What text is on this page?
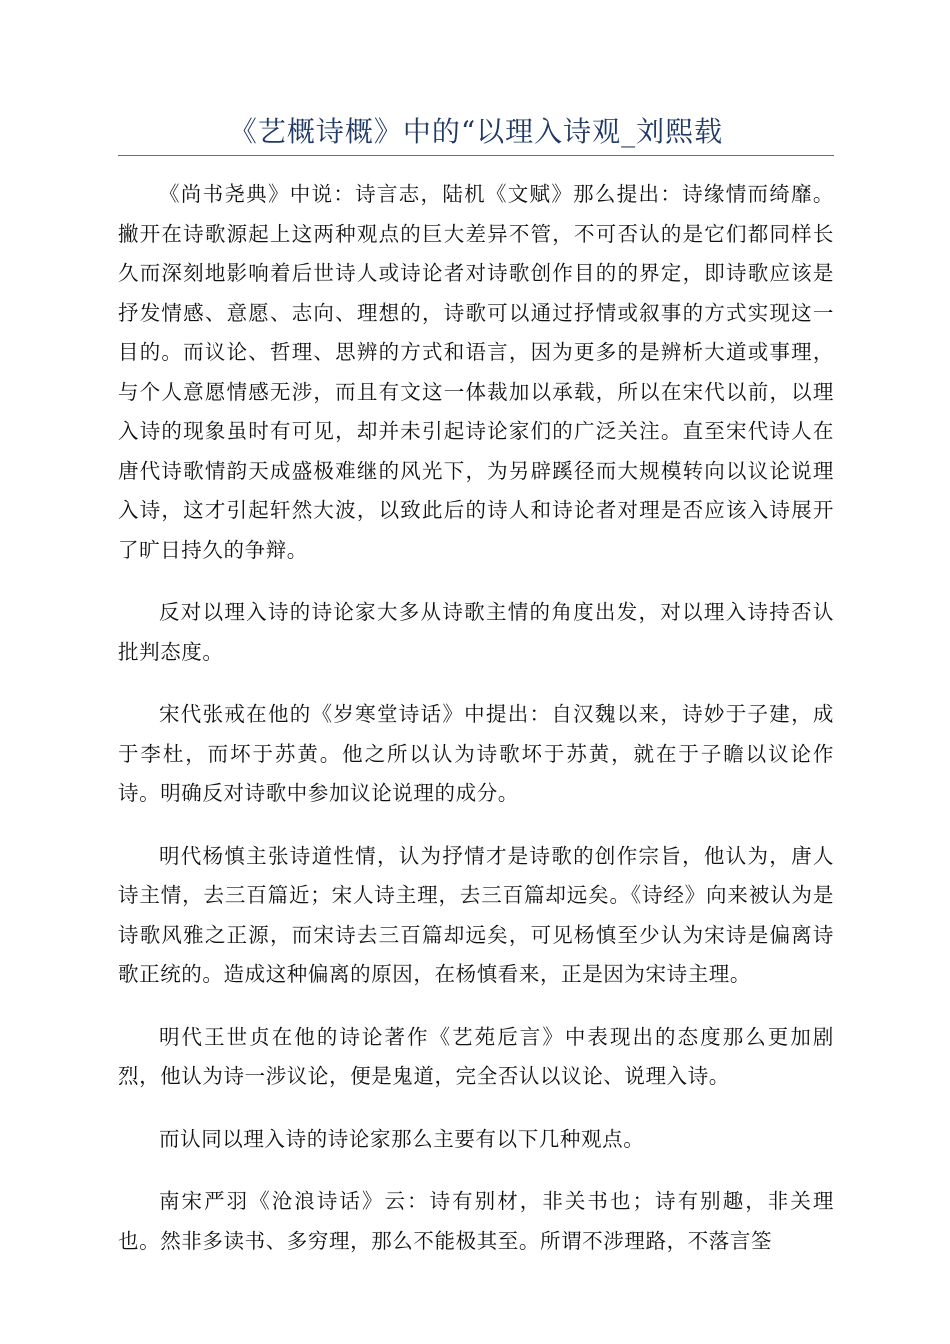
《艺概诗概》中的“以理入诗观_刘熙载

《尚书尧典》中说：诗言志，陆机《文赋》那么提出：诗缘情而绮靡。撇开在诗歌源起上这两种观点的巨大差异不管，不可否认的是它们都同样长久而深刻地影响着后世诗人或诗论者对诗歌创作目的的界定，即诗歌应该是抒发情感、意愿、志向、理想的，诗歌可以通过抒情或叙事的方式实现这一目的。而议论、哲理、思辨的方式和语言，因为更多的是辨析大道或事理，与个人意愿情感无涉，而且有文这一体裁加以承载，所以在宋代以前，以理入诗的现象虽时有可见，却并未引起诗论家们的广泛关注。直至宋代诗人在唐代诗歌情韵天成盛极难继的风光下，为另辟蹊径而大规模转向以议论说理入诗，这才引起轩然大波，以致此后的诗人和诗论者对理是否应该入诗展开了旷日持久的争辩。

反对以理入诗的诗论家大多从诗歌主情的角度出发，对以理入诗持否认批判态度。

宋代张戒在他的《岁寒堂诗话》中提出：自汉魏以来，诗妙于子建，成于李杜，而坏于苏黄。他之所以认为诗歌坏于苏黄，就在于子瞻以议论作诗。明确反对诗歌中参加议论说理的成分。

明代杨慎主张诗道性情，认为抒情才是诗歌的创作宗旨，他认为，唐人诗主情，去三百篇近；宋人诗主理，去三百篇却远矣。《诗经》向来被认为是诗歌风雅之正源，而宋诗去三百篇却远矣，可见杨慎至少认为宋诗是偏离诗歌正统的。造成这种偏离的原因，在杨慎看来，正是因为宋诗主理。

明代王世贞在他的诗论著作《艺苑卮言》中表现出的态度那么更加剧烈，他认为诗一涉议论，便是鬼道，完全否认以议论、说理入诗。

而认同以理入诗的诗论家那么主要有以下几种观点。

南宋严羽《沧浪诗话》云：诗有别材，非关书也；诗有别趣，非关理也。然非多读书、多穷理，那么不能极其至。所谓不涉理路，不落言筌
